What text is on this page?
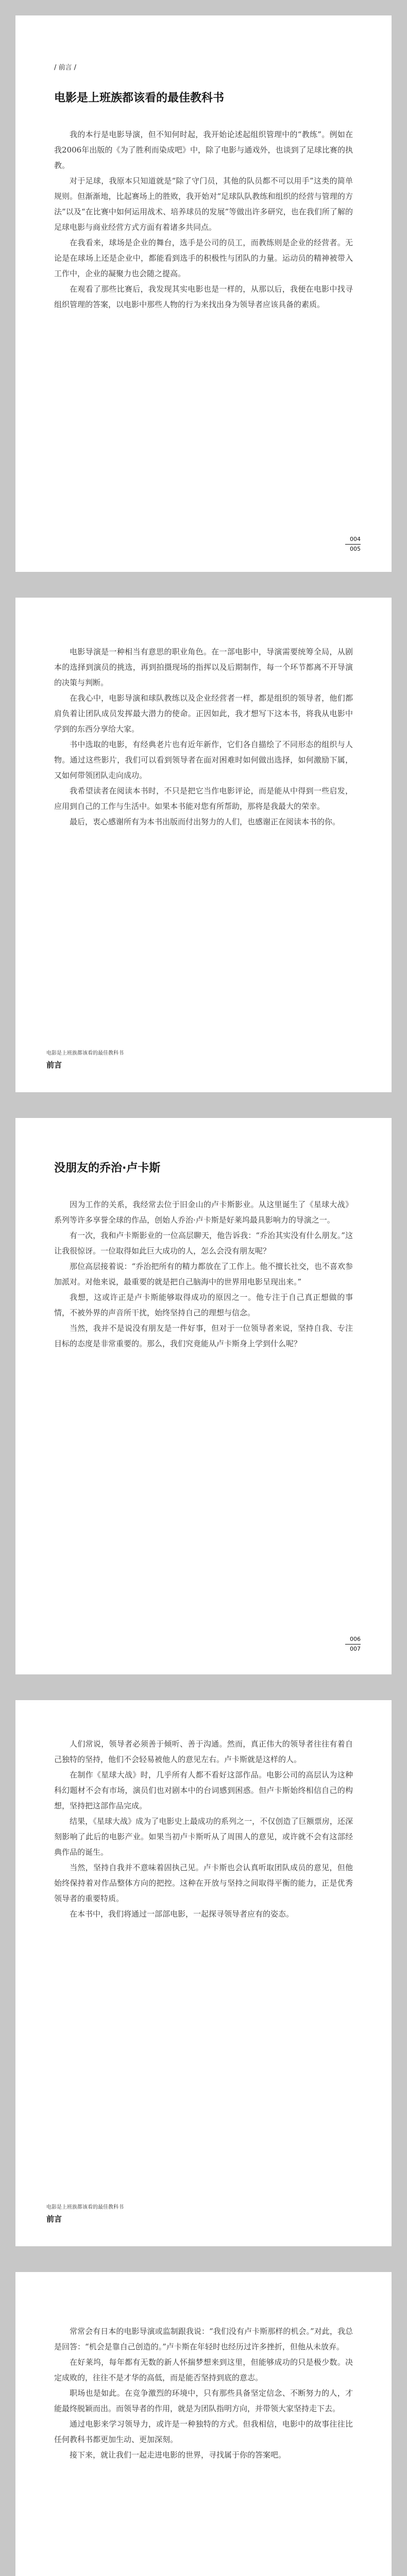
/ 前言 /

电影是上班族都该看的最佳教科书

我的本行是电影导演，但不知何时起，我开始论述起组织管理中的“教练”。例如在我2006年出版的《为了胜利而染成吧》中，除了电影与通戏外，也谈到了足球比赛的执教。

对于足球，我原本只知道就是“除了守门员，其他的队员都不可以用手”这类的简单规则。但渐渐地，比起赛场上的胜败，我开始对“足球队队教练和组织的经营与管理的方法”以及“在比赛中如何运用战术、培养球员的发展”等做出许多研究，也在我们所了解的足球电影与商业经营方式方面有着诸多共同点。

在我看来，球场是企业的舞台，选手是公司的员工，而教练则是企业的经营者。无论是在球场上还是企业中，都能看到选手的积极性与团队的力量。运动员的精神被带入工作中，企业的凝聚力也会随之提高。

在观看了那些比赛后，我发现其实电影也是一样的，从那以后，我便在电影中找寻组织管理的答案，以电影中那些人物的行为来找出身为领导者应该具备的素质。

004
005

电影导演是一种相当有意思的职业角色。在一部电影中，导演需要统筹全局，从剧本的选择到演员的挑选，再到拍摄现场的指挥以及后期制作，每一个环节都离不开导演的决策与判断。

在我心中，电影导演和球队教练以及企业经营者一样，都是组织的领导者，他们都肩负着让团队成员发挥最大潜力的使命。正因如此，我才想写下这本书，将我从电影中学到的东西分享给大家。

书中选取的电影，有经典老片也有近年新作，它们各自描绘了不同形态的组织与人物。通过这些影片，我们可以看到领导者在面对困难时如何做出选择，如何激励下属，又如何带领团队走向成功。

我希望读者在阅读本书时，不只是把它当作电影评论，而是能从中得到一些启发，应用到自己的工作与生活中。如果本书能对您有所帮助，那将是我最大的荣幸。

最后，衷心感谢所有为本书出版而付出努力的人们，也感谢正在阅读本书的你。

电影是上班族都该看的最佳教科书
前言
没朋友的乔治·卢卡斯

因为工作的关系，我经常去位于旧金山的卢卡斯影业。从这里诞生了《星球大战》系列等许多享誉全球的作品，创始人乔治·卢卡斯是好莱坞最具影响力的导演之一。

有一次，我和卢卡斯影业的一位高层聊天，他告诉我：“乔治其实没有什么朋友。”这让我很惊讶。一位取得如此巨大成功的人，怎么会没有朋友呢？

那位高层接着说：“乔治把所有的精力都放在了工作上。他不擅长社交，也不喜欢参加派对。对他来说，最重要的就是把自己脑海中的世界用电影呈现出来。”

我想，这或许正是卢卡斯能够取得成功的原因之一。他专注于自己真正想做的事情，不被外界的声音所干扰，始终坚持自己的理想与信念。

当然，我并不是说没有朋友是一件好事，但对于一位领导者来说，坚持自我、专注目标的态度是非常重要的。那么，我们究竟能从卢卡斯身上学到什么呢？

006
007

人们常说，领导者必须善于倾听、善于沟通。然而，真正伟大的领导者往往有着自己独特的坚持，他们不会轻易被他人的意见左右。卢卡斯就是这样的人。

在制作《星球大战》时，几乎所有人都不看好这部作品。电影公司的高层认为这种科幻题材不会有市场，演员们也对剧本中的台词感到困惑。但卢卡斯始终相信自己的构想，坚持把这部作品完成。

结果，《星球大战》成为了电影史上最成功的系列之一，不仅创造了巨额票房，还深刻影响了此后的电影产业。如果当初卢卡斯听从了周围人的意见，或许就不会有这部经典作品的诞生。

当然，坚持自我并不意味着固执己见。卢卡斯也会认真听取团队成员的意见，但他始终保持着对作品整体方向的把控。这种在开放与坚持之间取得平衡的能力，正是优秀领导者的重要特质。

在本书中，我们将通过一部部电影，一起探寻领导者应有的姿态。

电影是上班族都该看的最佳教科书
前言

常常会有日本的电影导演或监制跟我说：“我们没有卢卡斯那样的机会。”对此，我总是回答：“机会是靠自己创造的。”卢卡斯在年轻时也经历过许多挫折，但他从未放弃。

在好莱坞，每年都有无数的新人怀揣梦想来到这里，但能够成功的只是极少数。决定成败的，往往不是才华的高低，而是能否坚持到底的意志。

职场也是如此。在竞争激烈的环境中，只有那些具备坚定信念、不断努力的人，才能最终脱颖而出。而领导者的作用，就是为团队指明方向，并带领大家坚持走下去。

通过电影来学习领导力，或许是一种独特的方式。但我相信，电影中的故事往往比任何教科书都更加生动、更加深刻。

接下来，就让我们一起走进电影的世界，寻找属于你的答案吧。
